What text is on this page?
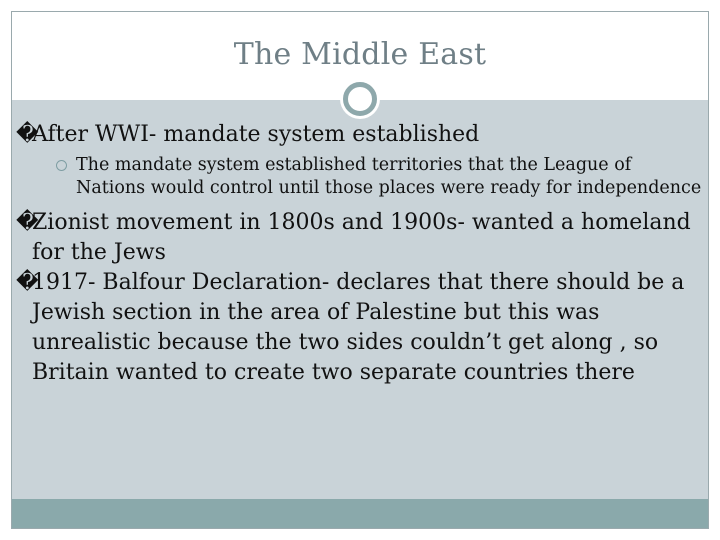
The Middle East
�
After WWI- mandate system established
The mandate system established territories that the League of Nations would control until those places were ready for independence
�
Zionist movement in 1800s and 1900s- wanted a homeland for the Jews
�
1917- Balfour Declaration- declares that there should be a Jewish section in the area of Palestine but this was unrealistic because the two sides couldn’t get along , so Britain wanted to create two separate countries there
